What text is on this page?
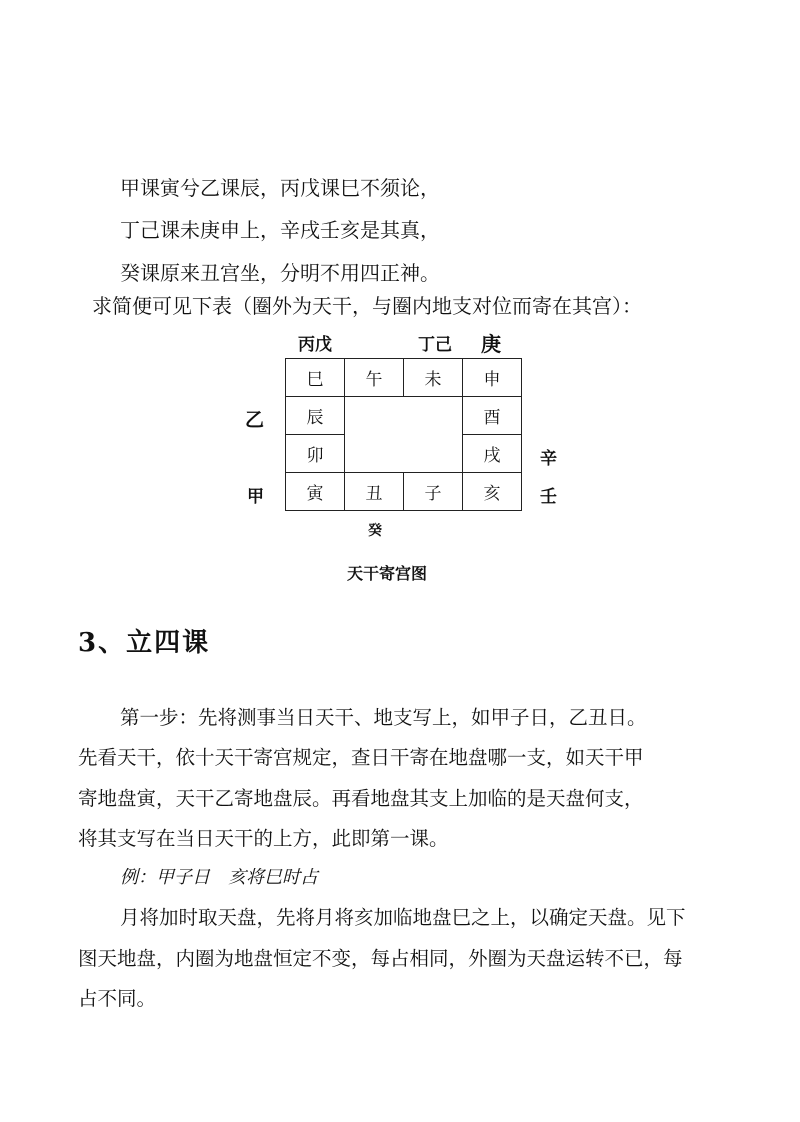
甲课寅兮乙课辰，丙戊课巳不须论，
丁己课未庚申上，辛戌壬亥是其真，
癸课原来丑宫坐，分明不用四正神。
求简便可见下表（圈外为天干，与圈内地支对位而寄在其宫）：
丙戊	丁己 庚
乙
甲
辛
壬
癸
巳	午	未	申
辰			酉
卯			戌
寅	丑	子	亥
天干寄宫图
3、立四课
第一步：先将测事当日天干、地支写上，如甲子日，乙丑日。
先看天干，依十天干寄宫规定，查日干寄在地盘哪一支，如天干甲
寄地盘寅，天干乙寄地盘辰。再看地盘其支上加临的是天盘何支，
将其支写在当日天干的上方，此即第一课。
例：甲子日　亥将巳时占
月将加时取天盘，先将月将亥加临地盘巳之上，以确定天盘。见下
图天地盘，内圈为地盘恒定不变，每占相同，外圈为天盘运转不已，每
占不同。
